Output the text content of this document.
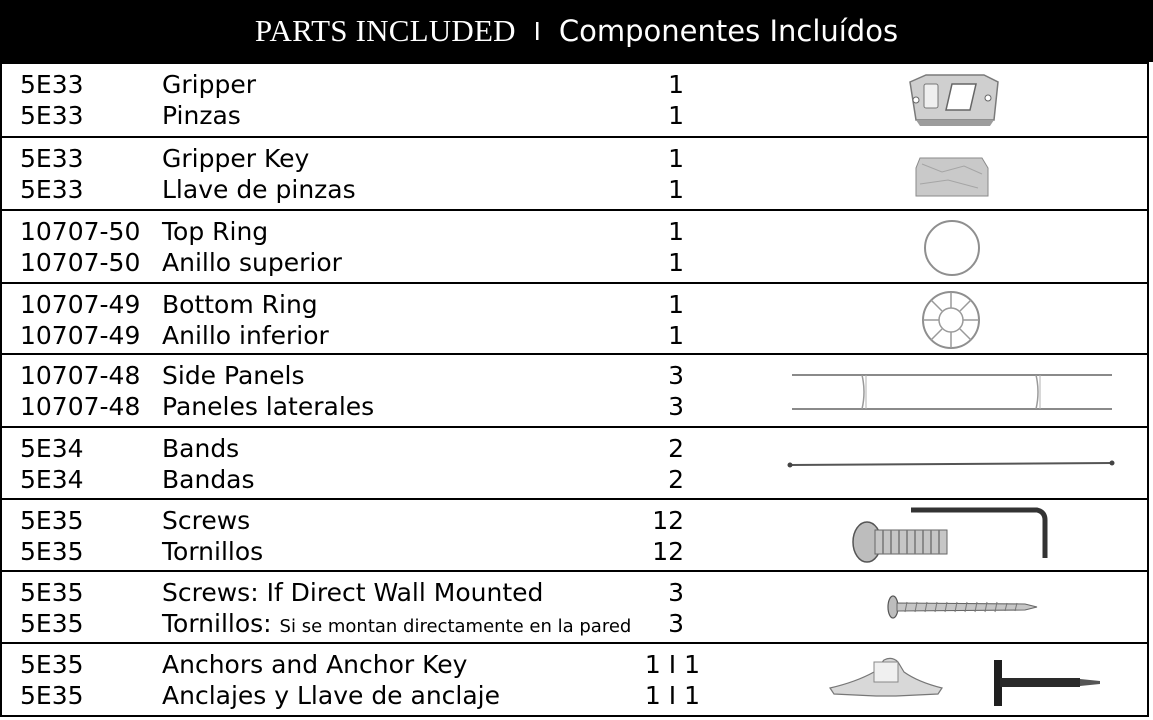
PARTS INCLUDED I Componentes Incluídos
5E33	Gripper	1
5E33	Pinzas	1
5E33	Gripper Key	1
5E33	Llave de pinzas	1
10707-50 Top Ring	1
10707-50 Anillo superior	1
10707-49 Bottom Ring	1
10707-49 Anillo inferior	1
10707-48 Side Panels	3
10707-48 Paneles laterales	3
5E34	Bands	2
5E34	Bandas	2
5E35	Screws	12
5E35	Tornillos	12
5E35	Screws: If Direct Wall Mounted	3
5E35	Tornillos: Si se montan directamente en la pared	3
5E35	Anchors and Anchor Key	1 I 1
5E35	Anclajes y Llave de anclaje	1 I 1
